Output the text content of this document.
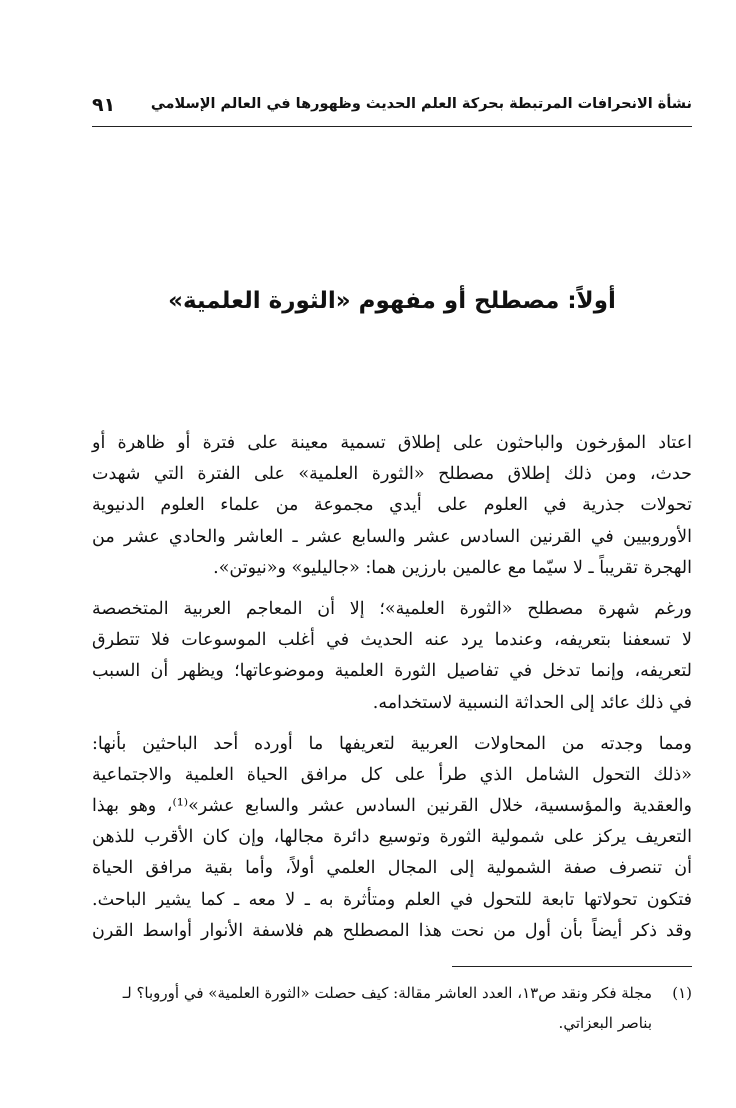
نشأة الانحرافات المرتبطة بحركة العلم الحديث وظهورها في العالم الإسلامي
٩١
أولاً: مصطلح أو مفهوم «الثورة العلمية»
اعتاد المؤرخون والباحثون على إطلاق تسمية معينة على فترة أو ظاهرة أو
حدث، ومن ذلك إطلاق مصطلح «الثورة العلمية» على الفترة التي شهدت
تحولات جذرية في العلوم على أيدي مجموعة من علماء العلوم الدنيوية
الأوروبيين في القرنين السادس عشر والسابع عشر ـ العاشر والحادي عشر من
الهجرة تقريباً ـ لا سيّما مع عالمين بارزين هما: «جاليليو» و«نيوتن».
ورغم شهرة مصطلح «الثورة العلمية»؛ إلا أن المعاجم العربية المتخصصة
لا تسعفنا بتعريفه، وعندما يرد عنه الحديث في أغلب الموسوعات فلا تتطرق
لتعريفه، وإنما تدخل في تفاصيل الثورة العلمية وموضوعاتها؛ ويظهر أن السبب
في ذلك عائد إلى الحداثة النسبية لاستخدامه.
ومما وجدته من المحاولات العربية لتعريفها ما أورده أحد الباحثين بأنها:
«ذلك التحول الشامل الذي طرأ على كل مرافق الحياة العلمية والاجتماعية
والعقدية والمؤسسية، خلال القرنين السادس عشر والسابع عشر»⁽¹⁾، وهو بهذا
التعريف يركز على شمولية الثورة وتوسيع دائرة مجالها، وإن كان الأقرب للذهن
أن تنصرف صفة الشمولية إلى المجال العلمي أولاً، وأما بقية مرافق الحياة
فتكون تحولاتها تابعة للتحول في العلم ومتأثرة به ـ لا معه ـ كما يشير الباحث.
وقد ذكر أيضاً بأن أول من نحت هذا المصطلح هم فلاسفة الأنوار أواسط القرن
(١)مجلة فكر ونقد ص١٣، العدد العاشر مقالة: كيف حصلت «الثورة العلمية» في أوروبا؟ لـ
بناصر البعزاتي.
